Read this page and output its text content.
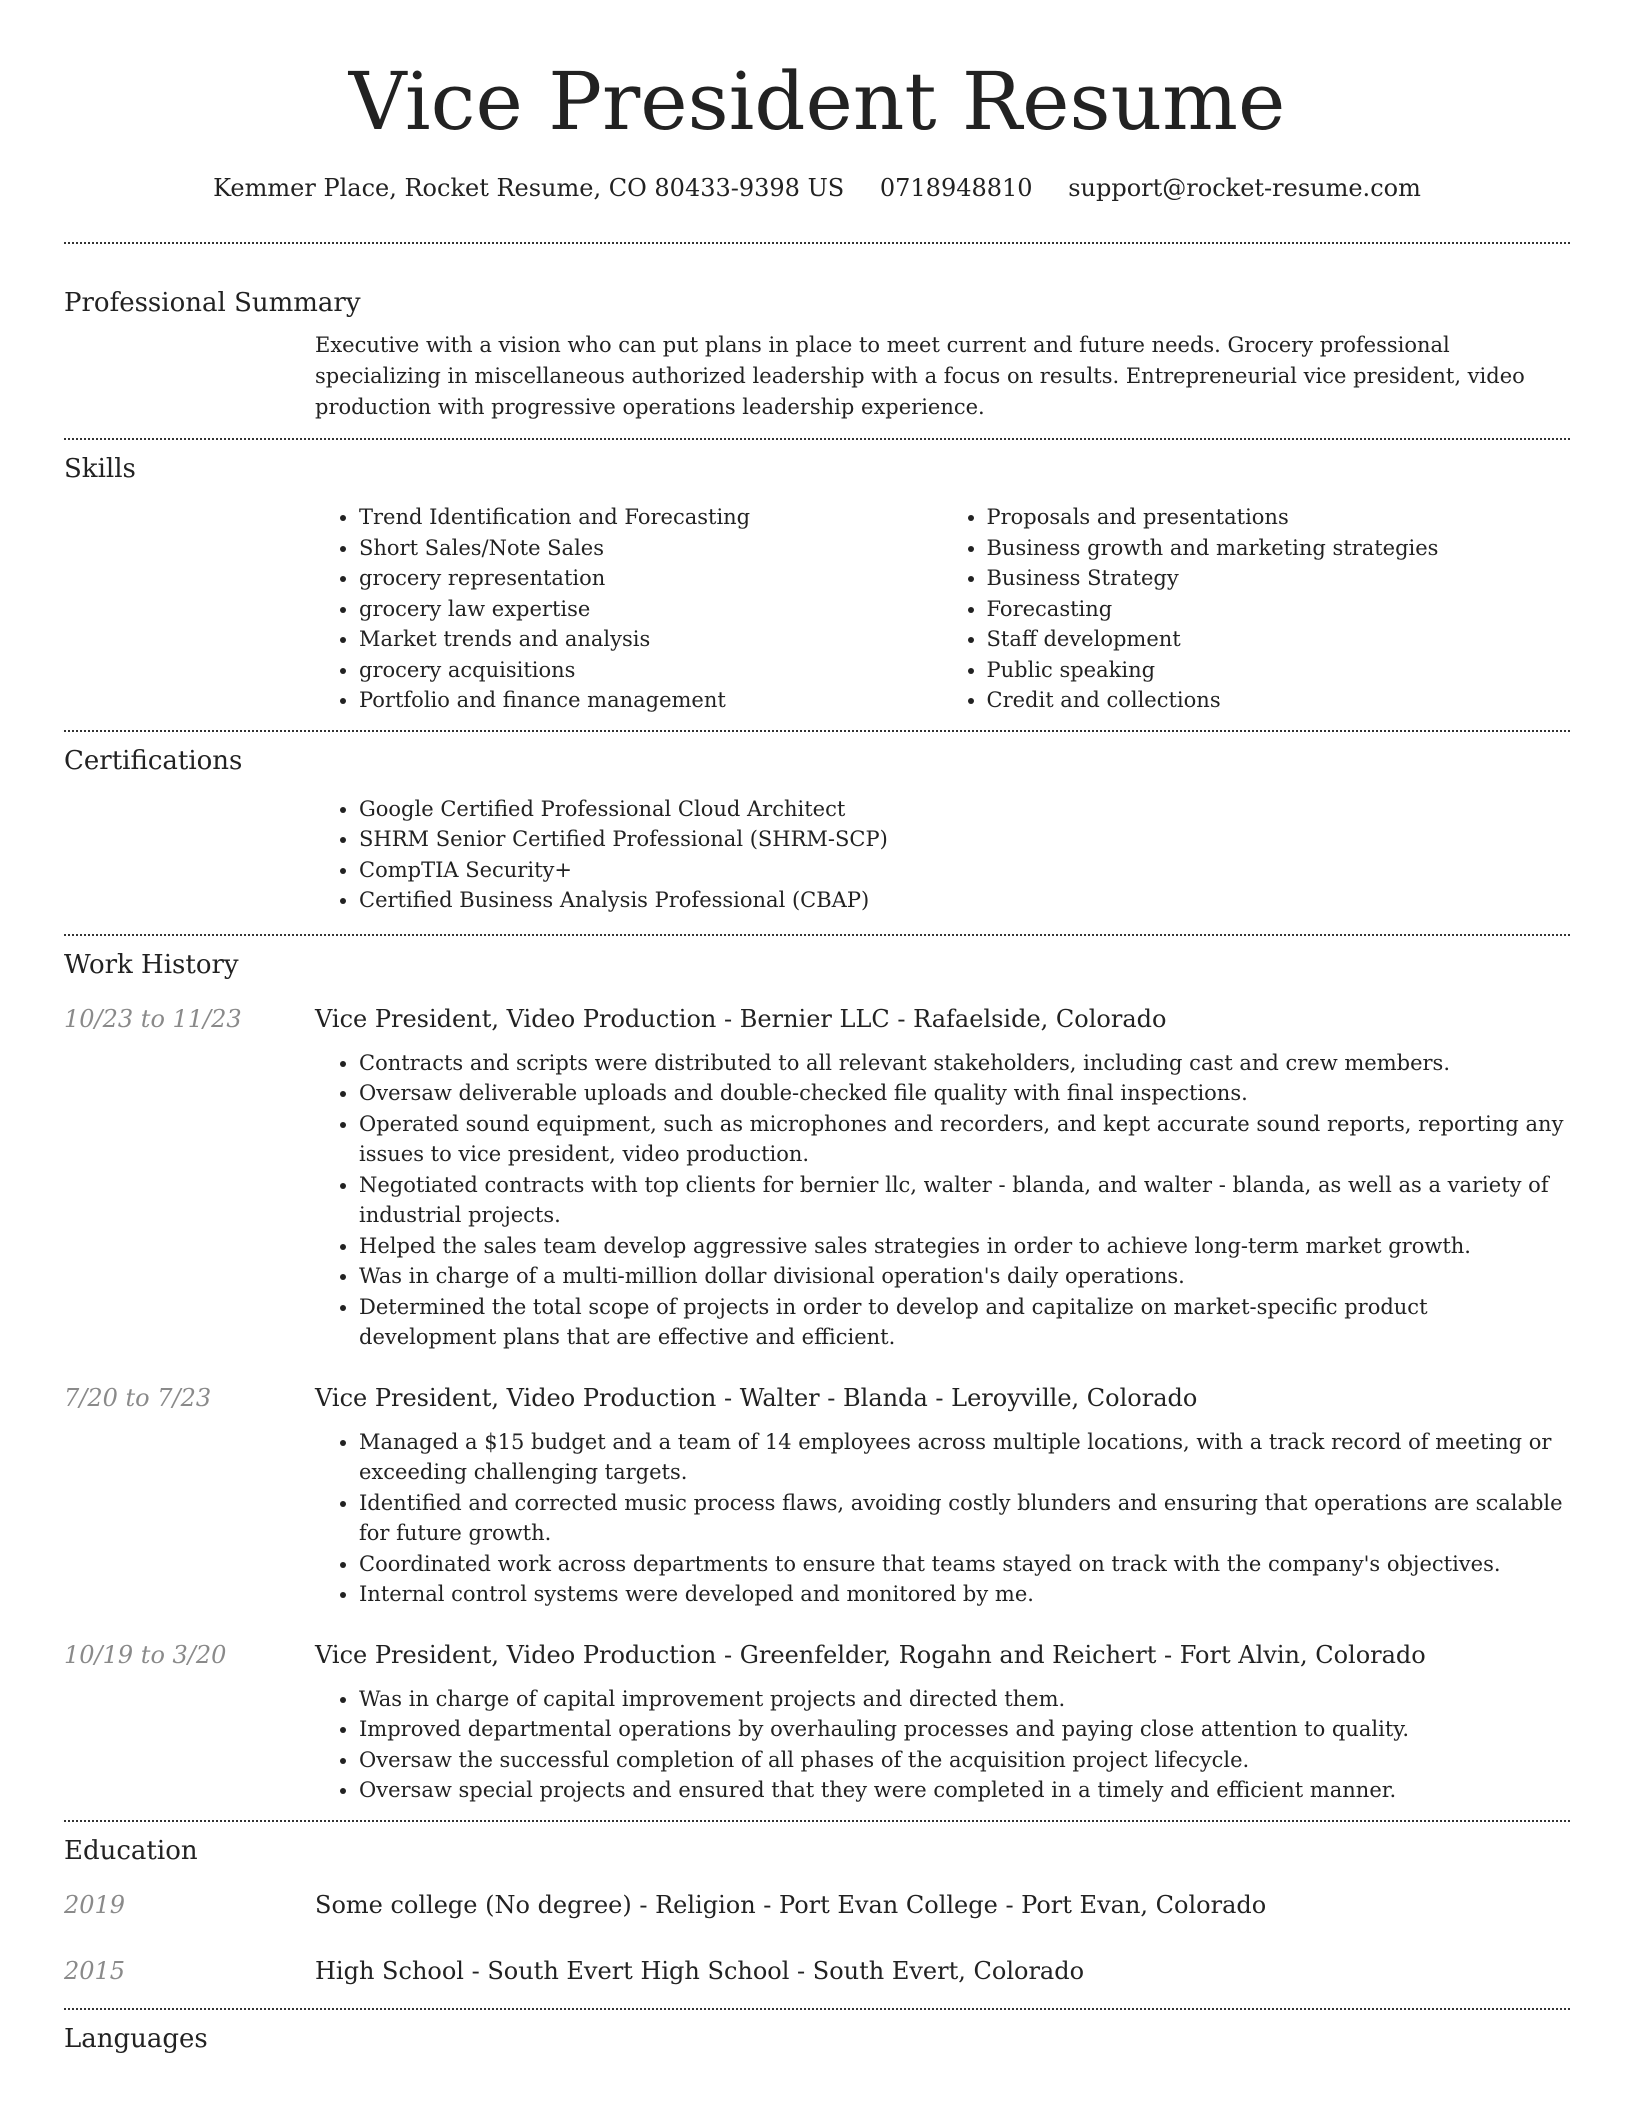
Vice President Resume
Kemmer Place, Rocket Resume, CO 80433-9398 US 0718948810 support@rocket-resume.com
Professional Summary

Executive with a vision who can put plans in place to meet current and future needs. Grocery professional specializing in miscellaneous authorized leadership with a focus on results. Entrepreneurial vice president, video production with progressive operations leadership experience.

Skills
• Trend Identification and Forecasting
• Short Sales/Note Sales
• grocery representation
• grocery law expertise
• Market trends and analysis
• grocery acquisitions
• Portfolio and finance management
• Proposals and presentations
• Business growth and marketing strategies
• Business Strategy
• Forecasting
• Staff development
• Public speaking
• Credit and collections
Certifications
• Google Certified Professional Cloud Architect
• SHRM Senior Certified Professional (SHRM-SCP)
• CompTIA Security+
• Certified Business Analysis Professional (CBAP)
Work History
10/23 to 11/23	Vice President, Video Production - Bernier LLC - Rafaelside, Colorado
• Contracts and scripts were distributed to all relevant stakeholders, including cast and crew members.
• Oversaw deliverable uploads and double-checked file quality with final inspections.
• Operated sound equipment, such as microphones and recorders, and kept accurate sound reports, reporting any issues to vice president, video production.
• Negotiated contracts with top clients for bernier llc, walter - blanda, and walter - blanda, as well as a variety of industrial projects.
• Helped the sales team develop aggressive sales strategies in order to achieve long-term market growth.
• Was in charge of a multi-million dollar divisional operation's daily operations.
• Determined the total scope of projects in order to develop and capitalize on market-specific product development plans that are effective and efficient.
7/20 to 7/23	Vice President, Video Production - Walter - Blanda - Leroyville, Colorado
• Managed a $15 budget and a team of 14 employees across multiple locations, with a track record of meeting or exceeding challenging targets.
• Identified and corrected music process flaws, avoiding costly blunders and ensuring that operations are scalable for future growth.
• Coordinated work across departments to ensure that teams stayed on track with the company's objectives.
• Internal control systems were developed and monitored by me.
10/19 to 3/20	Vice President, Video Production - Greenfelder, Rogahn and Reichert - Fort Alvin, Colorado
• Was in charge of capital improvement projects and directed them.
• Improved departmental operations by overhauling processes and paying close attention to quality.
• Oversaw the successful completion of all phases of the acquisition project lifecycle.
• Oversaw special projects and ensured that they were completed in a timely and efficient manner.
Education
2019	Some college (No degree) - Religion - Port Evan College - Port Evan, Colorado
2015	High School - South Evert High School - South Evert, Colorado
Languages
